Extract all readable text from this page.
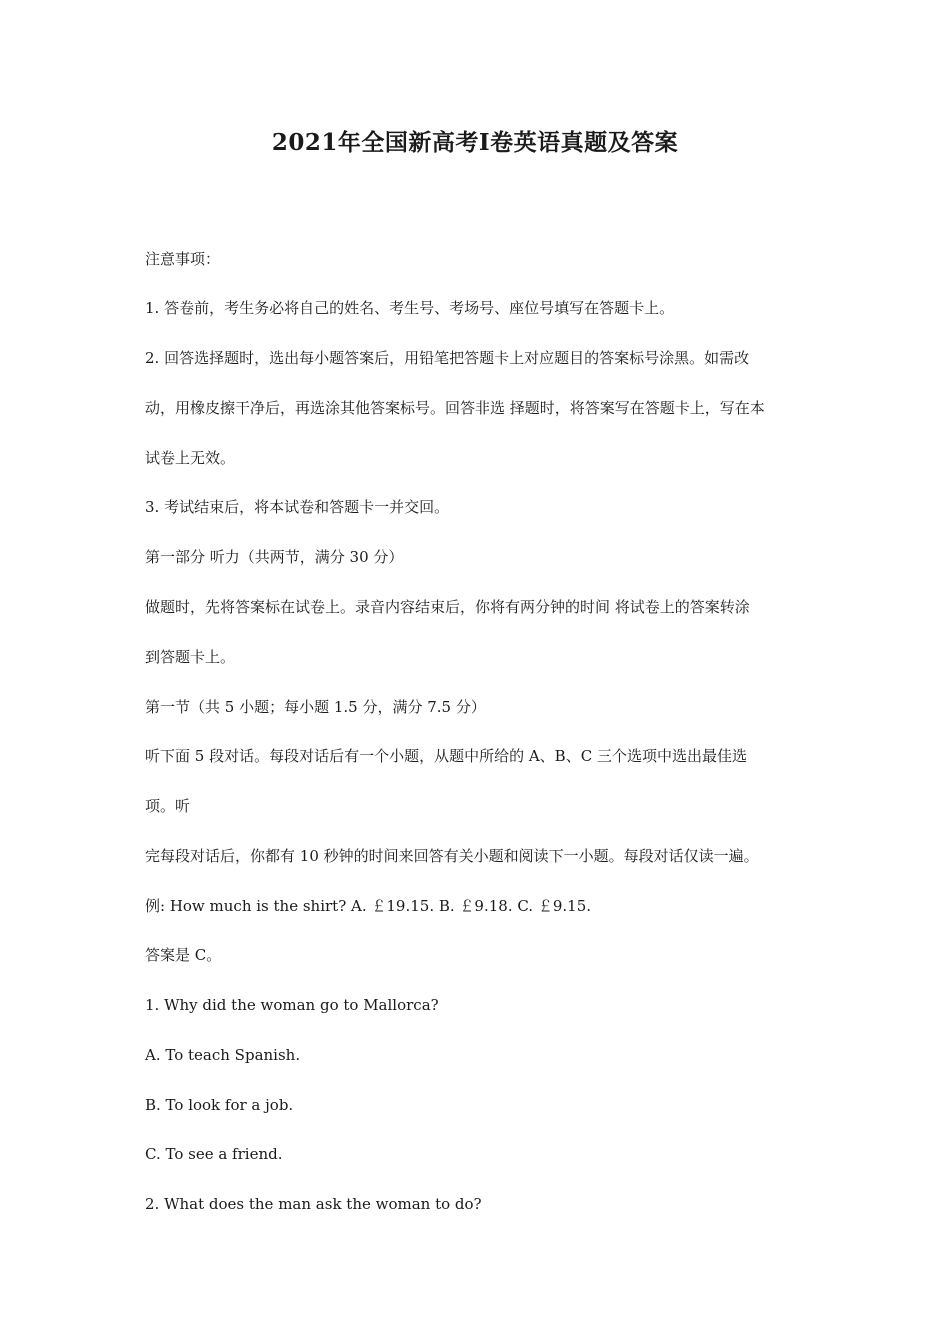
2021年全国新高考Ⅰ卷英语真题及答案
注意事项：
1. 答卷前，考生务必将自己的姓名、考生号、考场号、座位号填写在答题卡上。
2. 回答选择题时，选出每小题答案后，用铅笔把答题卡上对应题目的答案标号涂黑。如需改
动，用橡皮擦干净后，再选涂其他答案标号。回答非选 择题时，将答案写在答题卡上，写在本
试卷上无效。
3. 考试结束后，将本试卷和答题卡一并交回。
第一部分 听力（共两节，满分 30 分）
做题时，先将答案标在试卷上。录音内容结束后，你将有两分钟的时间 将试卷上的答案转涂
到答题卡上。
第一节（共 5 小题；每小题 1.5 分，满分 7.5 分）
听下面 5 段对话。每段对话后有一个小题，从题中所给的 A、B、C 三个选项中选出最佳选
项。听
完每段对话后，你都有 10 秒钟的时间来回答有关小题和阅读下一小题。每段对话仅读一遍。
例: How much is the shirt? A. ￡19.15. B. ￡9.18. C. ￡9.15.
答案是 C。
1. Why did the woman go to Mallorca?
A. To teach Spanish.
B. To look for a job.
C. To see a friend.
2. What does the man ask the woman to do?
